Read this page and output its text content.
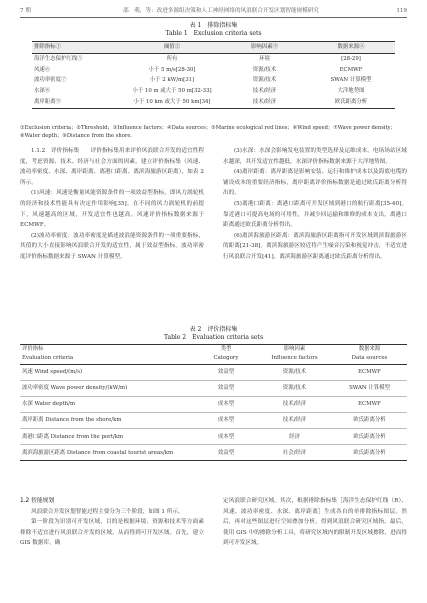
7 期	邵　萌，等：改进多源组决策和人工神经网络的风浪联合开发区划智能规模研究	119
表 1　排除指标集
Table 1　Exclusion criteria sets
排除指标①	阈值②	影响因素③	数据来源④
海洋生态保护红线⑤	所有	环境	[28-29]
风速⑥	小于 5 m/s[28-30]	资源/技术	ECMWF
波功率密度⑦	小于 2 kW/m[31]	资源/技术	SWAN 计算模型
水深⑧	小于 10 m 或大于 50 m[32-33]	技术/经济	大洋地势图
离岸距离⑨	小于 10 km 或大于 50 km[34]	技术/经济	欧氏距离分析
①Exclusion criteria；②Threshold；③Influence factors；④Data sources；⑤Marine ecological red lines；⑥Wind speed；⑦Wave power density；⑧Water depth；⑨Distance from the shore.

1.1.2　评价指标集　　评价指标集用来评价风浪联合开发的适宜性程度，考虑资源、技术、经济与社会方面的因素，建立评价指标集（风速、波功率密度、水深、离岸距离、离港口距离、离滨海旅游区距离），如表 2 所示。

(1)风速：风速是衡量风能资源条件的一项效益型指标，即风力涡轮机的经济和技术性能具有决定作用影响[35]。在不同的风力涡轮机的前提下，风速越高的区域，开发适宜性也越高。风速评价指标数据来源于 ECMWF。

(2)波功率密度：波功率密度是描述波浪能资源条件的一项重要指标，其值的大小直接影响风浪联合开发的适宜性，属于效益型指标。波功率密度评价指标数据来源于 SWAN 计算模型。

(3)水深：水深会影响发电装置的类型选择及运维成本。电场场站区域水越深，其开发适宜性越低。水深评价指标数据来源于大洋地势图。

(4)离岸距离：离岸距离是影响安装、运行和维护成本以及海底电缆的铺设成本的重要经济指标，离岸距离评价指标数据是通过欧氏距离分析得出的。

(5)离港口距离：离港口距离可开发区域到港口的航行距离[35-40]。靠近港口可提高电场的可用性，并减少回运输和维修的成本支出，离港口距离通过欧氏距离分析得出。

(6)离滨海旅游区距离：离滨海旅游区距离指可开发区域到滨海旅游区的距离[21-38]。离滨海旅游区较近将产生噪音污染和视觉冲击，不适宜进行风浪联合开发[41]。离滨海旅游区距离通过欧氏距离分析得出。

表 2　评价指标集
Table 2　Evaluation criteria sets
评价指标	类型	影响因素	数据来源
Evaluation criteria	Category	Influence factors	Data sources
风速 Wind speed/(m/s)	效益型	资源/技术	ECMWF
波功率密度 Wave power density/(kW/m)	效益型	资源/技术	SWAN 计算模型
水深 Water depth/m	成本型	技术/经济	ECMWF
离岸距离 Distance from the shore/km	成本型	技术/经济	欧氏距离分析
离港口距离 Distance from the port/km	成本型	经济	欧氏距离分析
离滨海旅游区距离 Distance from coastal tourist areas/km	效益型	社会/经济	欧氏距离分析

1.2 智能规划

风浪联合开发区划智能过程主要分为三个阶段，如图 1 所示。

第一阶段为识别可开发区域，目的是根据环境、资源和技术等方面素排除不适宜进行风浪联合开发的区域，从而得到可开发区域。首先，建立 GIS 数据库，确

定风浪联合研究区域。其次，根据排除指标集［海洋生态保护红线（R）、风速、波功率密度、水深、离岸距离］生成各自的单排除指标图层。然后，再对这些图层进行空间叠加分析，得到风浪联合研究区域指，最后，使用 GIS 中的擦除分析工具，将研究区域内的限制开发区域擦除，进而得到可开发区域。
